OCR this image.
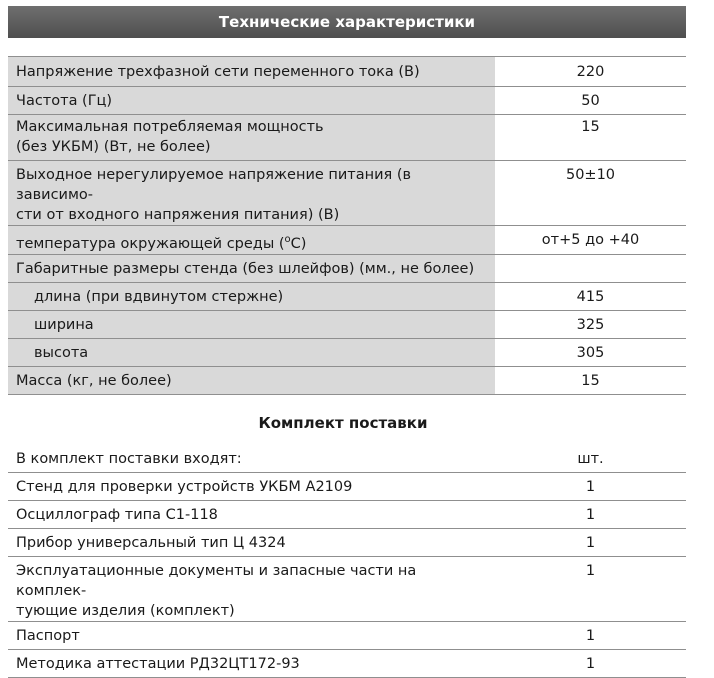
Технические характеристики
Напряжение трехфазной сети переменного тока (В)	220
Частота (Гц)	50

Максимальная потребляемая мощность
(без УКБМ) (Вт, не более)	15

Выходное нерегулируемое напряжение питания (в зависимо-
сти от входного напряжения питания) (В)	50±10
температура окружающей среды ($^о$С)	от+5 до +40
Габаритные размеры стенда (без шлейфов) (мм., не более)	
длина (при вдвинутом стержне)	415
ширина	325
высота	305
Масса (кг, не более)	15
Комплект поставки
В комплект поставки входят:	шт.
Стенд для проверки устройств УКБМ А2109	1
Осциллограф типа С1-118	1
Прибор универсальный тип Ц 4324	1

Эксплуатационные документы и запасные части на комплек-
тующие изделия (комплект)	1
Паспорт	1
Методика аттестации РД32ЦТ172-93	1
